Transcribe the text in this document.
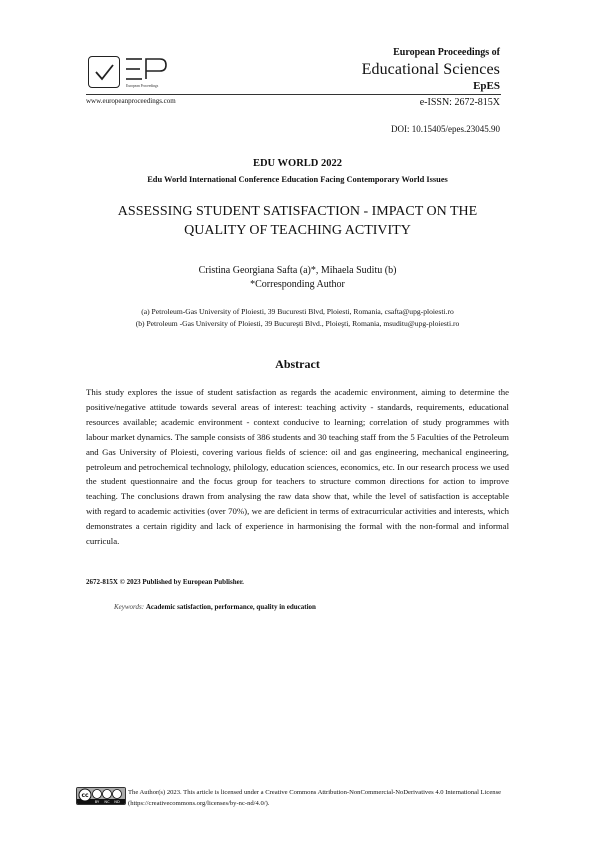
European Proceedings
European Proceedings of
Educational Sciences
EpES
www.europeanproceedings.com	e-ISSN: 2672-815X
DOI: 10.15405/epes.23045.90
EDU WORLD 2022
Edu World International Conference Education Facing Contemporary World Issues
ASSESSING STUDENT SATISFACTION - IMPACT ON THE QUALITY OF TEACHING ACTIVITY
Cristina Georgiana Safta (a)*, Mihaela Suditu (b)
*Corresponding Author
(a) Petroleum-Gas University of Ploiesti, 39 Bucuresti Blvd, Ploiesti, Romania, csafta@upg-ploiesti.ro
(b) Petroleum -Gas University of Ploiesti, 39 Bucureşti Blvd., Ploieşti, Romania, msuditu@upg-ploiesti.ro
Abstract
This study explores the issue of student satisfaction as regards the academic environment, aiming to determine the positive/negative attitude towards several areas of interest: teaching activity - standards, requirements, educational resources available; academic environment - context conducive to learning; correlation of study programmes with labour market dynamics. The sample consists of 386 students and 30 teaching staff from the 5 Faculties of the Petroleum and Gas University of Ploiesti, covering various fields of science: oil and gas engineering, mechanical engineering, petroleum and petrochemical technology, philology, education sciences, economics, etc. In our research process we used the student questionnaire and the focus group for teachers to structure common directions for action to improve teaching. The conclusions drawn from analysing the raw data show that, while the level of satisfaction is acceptable with regard to academic activities (over 70%), we are deficient in terms of extracurricular activities and interests, which demonstrates a certain rigidity and lack of experience in harmonising the formal with the non-formal and informal curricula.
2672-815X © 2023 Published by European Publisher.
Keywords: Academic satisfaction, performance, quality in education
cc
BY NC ND
The Author(s) 2023. This article is licensed under a Creative Commons Attribution-NonCommercial-NoDerivatives 4.0 International License (https://creativecommons.org/licenses/by-nc-nd/4.0/).
